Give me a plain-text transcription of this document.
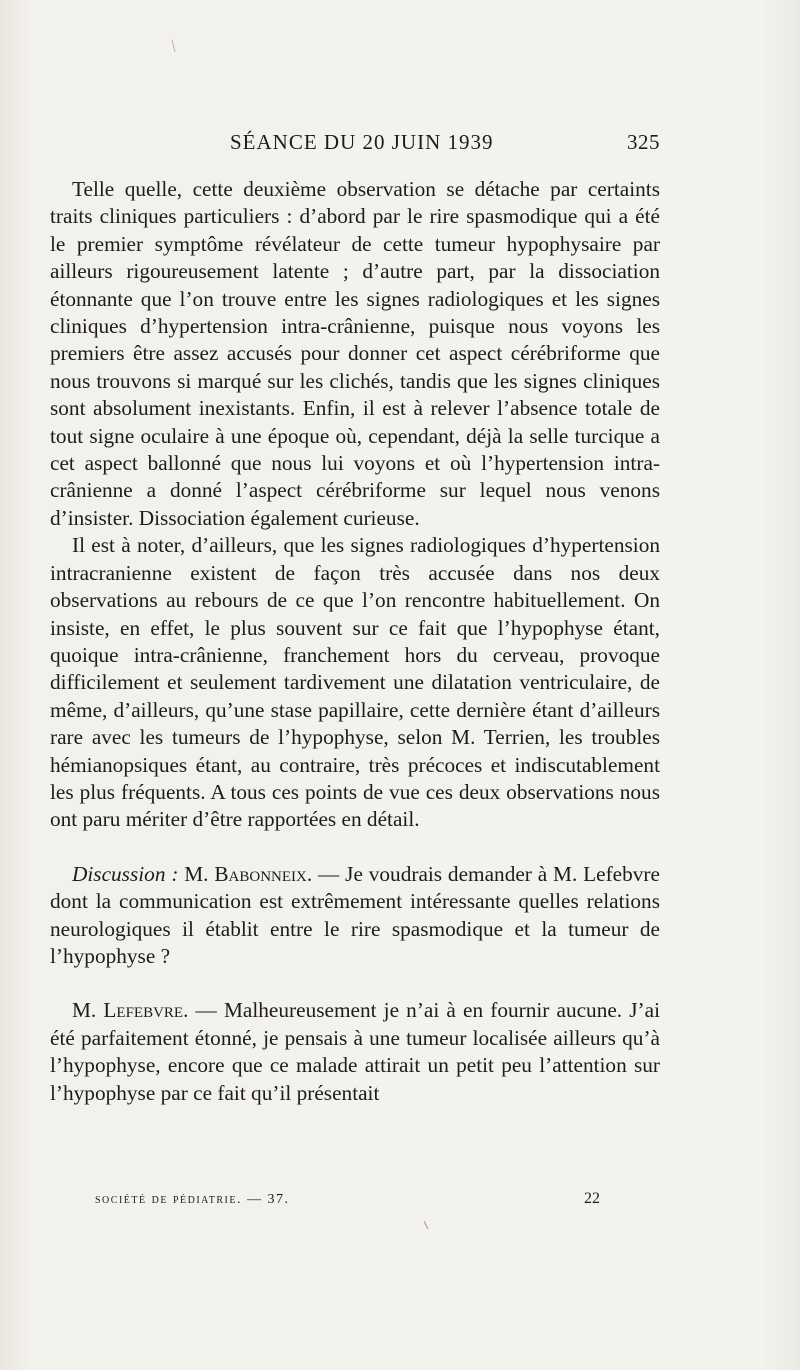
SÉANCE DU 20 JUIN 1939	325

Telle quelle, cette deuxième observation se détache par certaints traits cliniques particuliers : d’abord par le rire spasmodique qui a été le premier symptôme révélateur de cette tumeur hypophysaire par ailleurs rigoureusement latente ; d’autre part, par la dissociation étonnante que l’on trouve entre les signes radiologiques et les signes cliniques d’hypertension intra-crânienne, puisque nous voyons les premiers être assez accusés pour donner cet aspect cérébriforme que nous trouvons si marqué sur les clichés, tandis que les signes cliniques sont absolument inexistants. Enfin, il est à relever l’absence totale de tout signe oculaire à une époque où, cependant, déjà la selle turcique a cet aspect ballonné que nous lui voyons et où l’hypertension intra-crânienne a donné l’aspect cérébriforme sur lequel nous venons d’insister. Dissociation également curieuse.

Il est à noter, d’ailleurs, que les signes radiologiques d’hypertension intracranienne existent de façon très accusée dans nos deux observations au rebours de ce que l’on rencontre habituellement. On insiste, en effet, le plus souvent sur ce fait que l’hypophyse étant, quoique intra-crânienne, franchement hors du cerveau, provoque difficilement et seulement tardivement une dilatation ventriculaire, de même, d’ailleurs, qu’une stase papillaire, cette dernière étant d’ailleurs rare avec les tumeurs de l’hypophyse, selon M. Terrien, les troubles hémianopsiques étant, au contraire, très précoces et indiscutablement les plus fréquents. A tous ces points de vue ces deux observations nous ont paru mériter d’être rapportées en détail.

Discussion : M. Babonneix. — Je voudrais demander à M. Lefebvre dont la communication est extrêmement intéressante quelles relations neurologiques il établit entre le rire spasmodique et la tumeur de l’hypophyse ?

M. Lefebvre. — Malheureusement je n’ai à en fournir aucune. J’ai été parfaitement étonné, je pensais à une tumeur localisée ailleurs qu’à l’hypophyse, encore que ce malade attirait un petit peu l’attention sur l’hypophyse par ce fait qu’il présentait

société de pédiatrie. — 37.	22
